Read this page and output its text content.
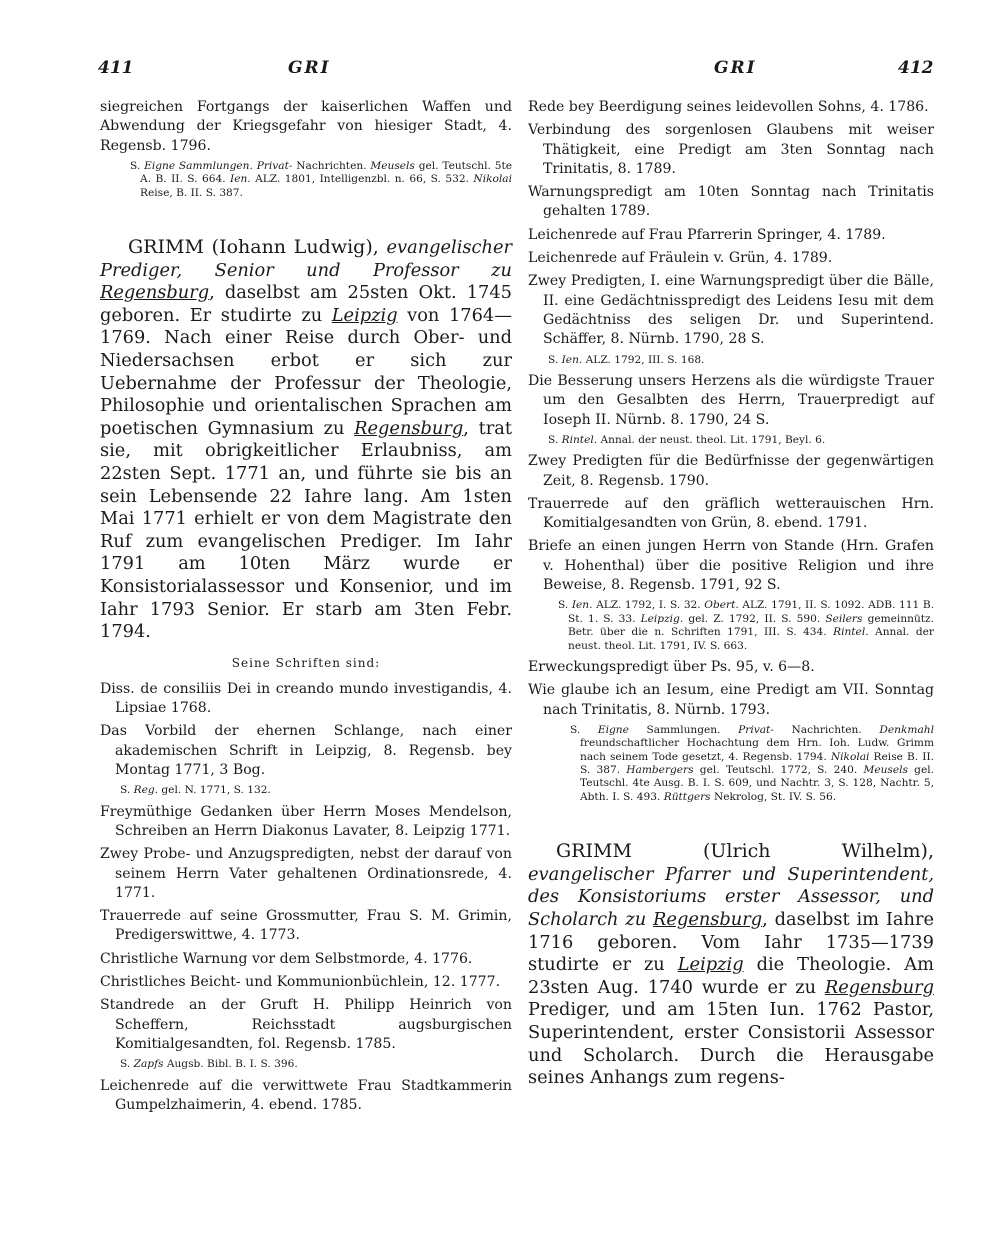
411	GRI	GRI	412

siegreichen Fortgangs der kaiserlichen Waffen und Abwendung der Kriegsgefahr von hiesiger Stadt, 4. Regensb. 1796.

S. Eigne Sammlungen. Privat- Nachrichten. Meusels gel. Teutschl. 5te A. B. II. S. 664. Ien. ALZ. 1801, Intelligenzbl. n. 66, S. 532. Nikolai Reise, B. II. S. 387.

GRIMM (Iohann Ludwig), evangelischer Prediger, Senior und Professor zu Regensburg, daselbst am 25sten Okt. 1745 geboren. Er studirte zu Leipzig von 1764—1769. Nach einer Reise durch Ober- und Niedersachsen erbot er sich zur Uebernahme der Professur der Theologie, Philosophie und orientalischen Sprachen am poetischen Gymnasium zu Regensburg, trat sie, mit obrigkeitlicher Erlaubniss, am 22sten Sept. 1771 an, und führte sie bis an sein Lebensende 22 Iahre lang. Am 1sten Mai 1771 erhielt er von dem Magistrate den Ruf zum evangelischen Prediger. Im Iahr 1791 am 10ten März wurde er Konsistorialassessor und Konsenior, und im Iahr 1793 Senior. Er starb am 3ten Febr. 1794.

Seine Schriften sind:

Diss. de consiliis Dei in creando mundo investigandis, 4. Lipsiae 1768.

Das Vorbild der ehernen Schlange, nach einer akademischen Schrift in Leipzig, 8. Regensb. bey Montag 1771, 3 Bog.

S. Reg. gel. N. 1771, S. 132.

Freymüthige Gedanken über Herrn Moses Mendelson, Schreiben an Herrn Diakonus Lavater, 8. Leipzig 1771.

Zwey Probe- und Anzugspredigten, nebst der darauf von seinem Herrn Vater gehaltenen Ordinationsrede, 4. 1771.

Trauerrede auf seine Grossmutter, Frau S. M. Grimin, Predigerswittwe, 4. 1773.

Christliche Warnung vor dem Selbstmorde, 4. 1776.

Christliches Beicht- und Kommunionbüchlein, 12. 1777.

Standrede an der Gruft H. Philipp Heinrich von Scheffern, Reichsstadt augsburgischen Komitialgesandten, fol. Regensb. 1785.

S. Zapfs Augsb. Bibl. B. I. S. 396.

Leichenrede auf die verwittwete Frau Stadtkammerin Gumpelzhaimerin, 4. ebend. 1785.

Rede bey Beerdigung seines leidevollen Sohns, 4. 1786.

Verbindung des sorgenlosen Glaubens mit weiser Thätigkeit, eine Predigt am 3ten Sonntag nach Trinitatis, 8. 1789.

Warnungspredigt am 10ten Sonntag nach Trinitatis gehalten 1789.

Leichenrede auf Frau Pfarrerin Springer, 4. 1789.

Leichenrede auf Fräulein v. Grün, 4. 1789.

Zwey Predigten, I. eine Warnungspredigt über die Bälle, II. eine Gedächtnisspredigt des Leidens Iesu mit dem Gedächtniss des seligen Dr. und Superintend. Schäffer, 8. Nürnb. 1790, 28 S.

S. Ien. ALZ. 1792, III. S. 168.

Die Besserung unsers Herzens als die würdigste Trauer um den Gesalbten des Herrn, Trauerpredigt auf Ioseph II. Nürnb. 8. 1790, 24 S.

S. Rintel. Annal. der neust. theol. Lit. 1791, Beyl. 6.

Zwey Predigten für die Bedürfnisse der gegenwärtigen Zeit, 8. Regensb. 1790.

Trauerrede auf den gräflich wetterauischen Hrn. Komitialgesandten von Grün, 8. ebend. 1791.

Briefe an einen jungen Herrn von Stande (Hrn. Grafen v. Hohenthal) über die positive Religion und ihre Beweise, 8. Regensb. 1791, 92 S.

S. Ien. ALZ. 1792, I. S. 32. Obert. ALZ. 1791, II. S. 1092. ADB. 111 B. St. 1. S. 33. Leipzig. gel. Z. 1792, II. S. 590. Seilers gemeinnütz. Betr. über die n. Schriften 1791, III. S. 434. Rintel. Annal. der neust. theol. Lit. 1791, IV. S. 663.

Erweckungspredigt über Ps. 95, v. 6—8.

Wie glaube ich an Iesum, eine Predigt am VII. Sonntag nach Trinitatis, 8. Nürnb. 1793.

S. Eigne Sammlungen. Privat- Nachrichten. Denkmahl freundschaftlicher Hochachtung dem Hrn. Ioh. Ludw. Grimm nach seinem Tode gesetzt, 4. Regensb. 1794. Nikolai Reise B. II. S. 387. Hambergers gel. Teutschl. 1772, S. 240. Meusels gel. Teutschl. 4te Ausg. B. I. S. 609, und Nachtr. 3, S. 128, Nachtr. 5, Abth. I. S. 493. Rüttgers Nekrolog, St. IV. S. 56.

GRIMM (Ulrich Wilhelm), evangelischer Pfarrer und Superintendent, des Konsistoriums erster Assessor, und Scholarch zu Regensburg, daselbst im Iahre 1716 geboren. Vom Iahr 1735—1739 studirte er zu Leipzig die Theologie. Am 23sten Aug. 1740 wurde er zu Regensburg Prediger, und am 15ten Iun. 1762 Pastor, Superintendent, erster Consistorii Assessor und Scholarch. Durch die Herausgabe seines Anhangs zum regens-
